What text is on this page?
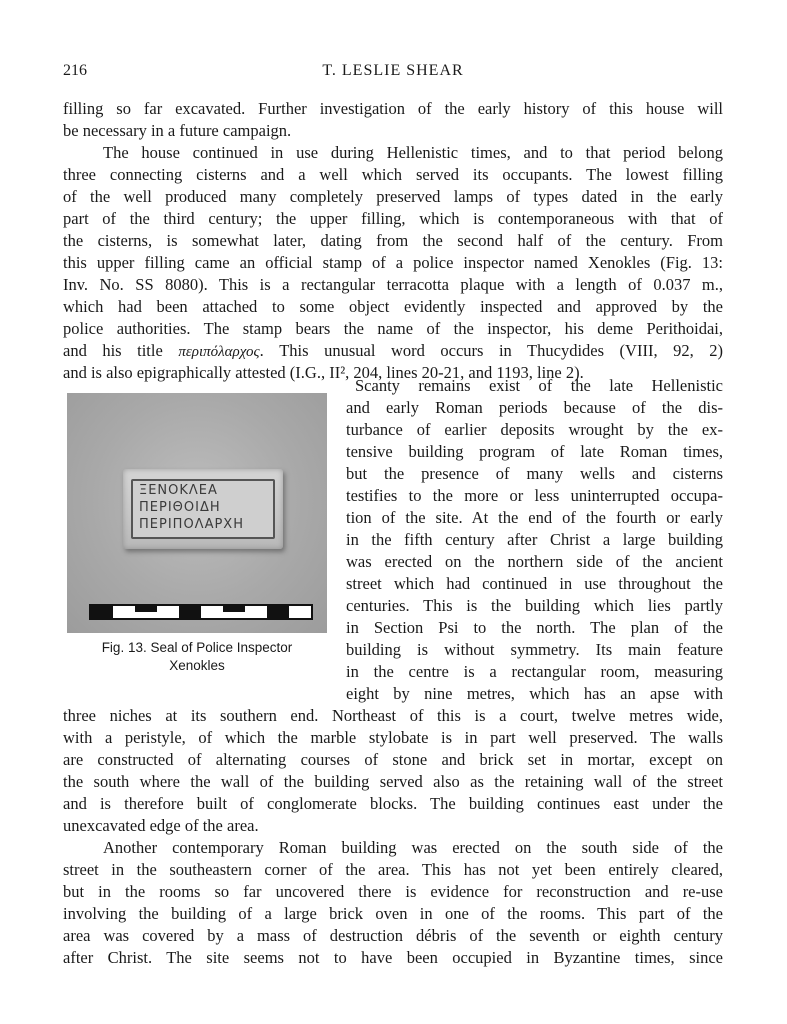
216	T. LESLIE SHEAR
filling so far excavated. Further investigation of the early history of this house will
be necessary in a future campaign.
The house continued in use during Hellenistic times, and to that period belong
three connecting cisterns and a well which served its occupants. The lowest filling
of the well produced many completely preserved lamps of types dated in the early
part of the third century; the upper filling, which is contemporaneous with that of
the cisterns, is somewhat later, dating from the second half of the century. From
this upper filling came an official stamp of a police inspector named Xenokles (Fig. 13:
Inv. No. SS 8080). This is a rectangular terracotta plaque with a length of 0.037 m.,
which had been attached to some object evidently inspected and approved by the
police authorities. The stamp bears the name of the inspector, his deme Perithoidai,
and his title περιπόλαρχος. This unusual word occurs in Thucydides (VIII, 92, 2)
and is also epigraphically attested (I.G., II², 204, lines 20-21, and 1193, line 2).
ΞΕΝΟΚΛΕΑ
ΠΕΡΙΘΟΙΔΗ
ΠΕΡΙΠΟΛΑΡΧΗ
Fig. 13. Seal of Police Inspector
Xenokles
Scanty remains exist of the late Hellenistic
and early Roman periods because of the dis-
turbance of earlier deposits wrought by the ex-
tensive building program of late Roman times,
but the presence of many wells and cisterns
testifies to the more or less uninterrupted occupa-
tion of the site. At the end of the fourth or early
in the fifth century after Christ a large building
was erected on the northern side of the ancient
street which had continued in use throughout the
centuries. This is the building which lies partly
in Section Psi to the north. The plan of the
building is without symmetry. Its main feature
in the centre is a rectangular room, measuring
eight by nine metres, which has an apse with
three niches at its southern end. Northeast of this is a court, twelve metres wide,
with a peristyle, of which the marble stylobate is in part well preserved. The walls
are constructed of alternating courses of stone and brick set in mortar, except on
the south where the wall of the building served also as the retaining wall of the street
and is therefore built of conglomerate blocks. The building continues east under the
unexcavated edge of the area.
Another contemporary Roman building was erected on the south side of the
street in the southeastern corner of the area. This has not yet been entirely cleared,
but in the rooms so far uncovered there is evidence for reconstruction and re-use
involving the building of a large brick oven in one of the rooms. This part of the
area was covered by a mass of destruction débris of the seventh or eighth century
after Christ. The site seems not to have been occupied in Byzantine times, since
